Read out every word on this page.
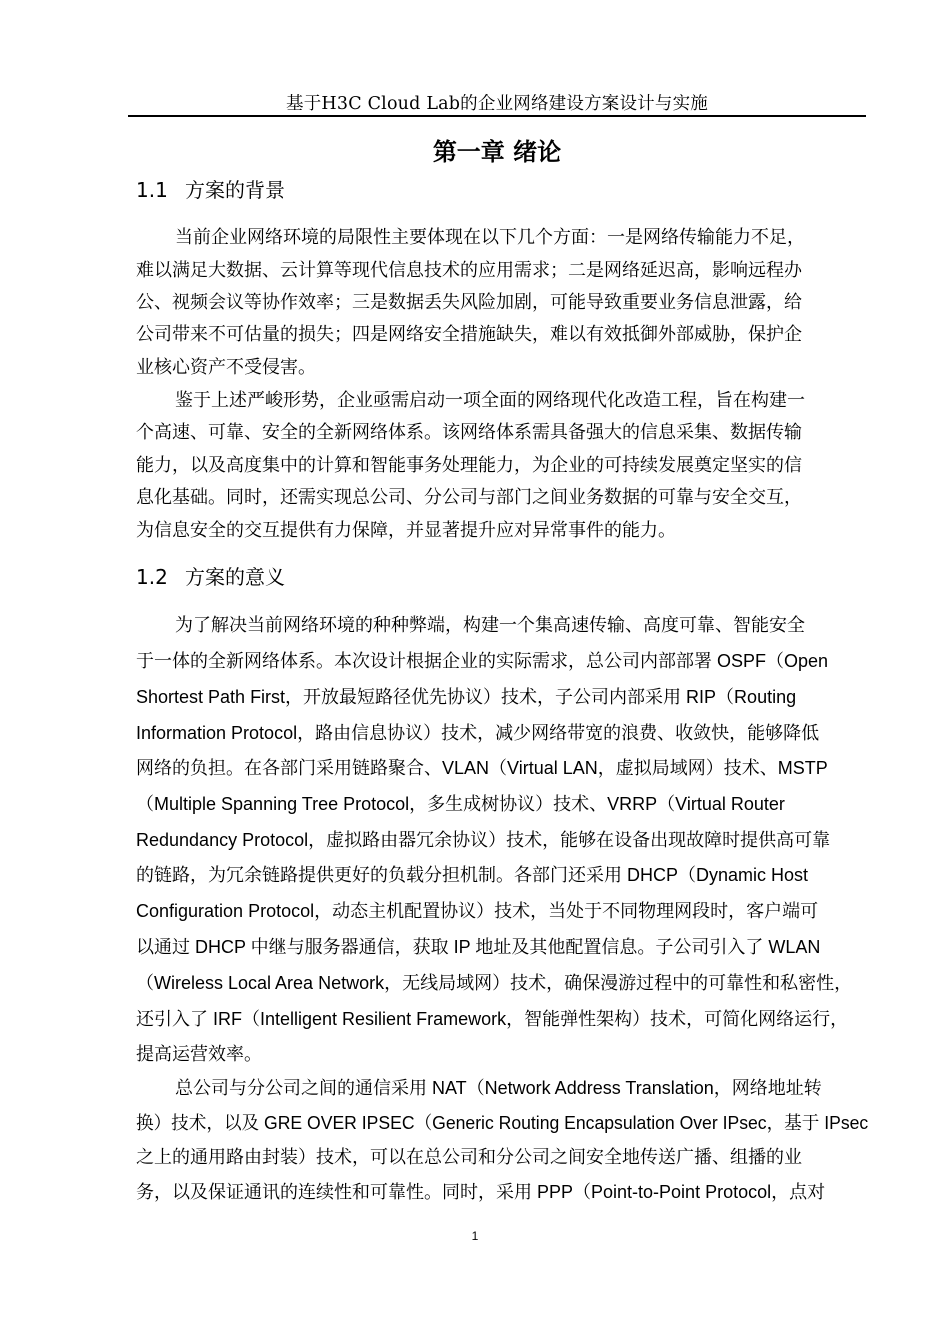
基于H3C Cloud Lab的企业网络建设方案设计与实施
第一章 绪论
1.1 方案的背景
当前企业网络环境的局限性主要体现在以下几个方面：一是网络传输能力不足，
难以满足大数据、云计算等现代信息技术的应用需求；二是网络延迟高，影响远程办
公、视频会议等协作效率；三是数据丢失风险加剧，可能导致重要业务信息泄露，给
公司带来不可估量的损失；四是网络安全措施缺失，难以有效抵御外部威胁，保护企
业核心资产不受侵害。
鉴于上述严峻形势，企业亟需启动一项全面的网络现代化改造工程，旨在构建一
个高速、可靠、安全的全新网络体系。该网络体系需具备强大的信息采集、数据传输
能力，以及高度集中的计算和智能事务处理能力，为企业的可持续发展奠定坚实的信
息化基础。同时，还需实现总公司、分公司与部门之间业务数据的可靠与安全交互，
为信息安全的交互提供有力保障，并显著提升应对异常事件的能力。
1.2 方案的意义
为了解决当前网络环境的种种弊端，构建一个集高速传输、高度可靠、智能安全
于一体的全新网络体系。本次设计根据企业的实际需求，总公司内部部署 OSPF（Open
Shortest Path First，开放最短路径优先协议）技术，子公司内部采用 RIP（Routing
Information Protocol，路由信息协议）技术，减少网络带宽的浪费、收敛快，能够降低
网络的负担。在各部门采用链路聚合、VLAN（Virtual LAN，虚拟局域网）技术、MSTP
（Multiple Spanning Tree Protocol，多生成树协议）技术、VRRP（Virtual Router
Redundancy Protocol，虚拟路由器冗余协议）技术，能够在设备出现故障时提供高可靠
的链路，为冗余链路提供更好的负载分担机制。各部门还采用 DHCP（Dynamic Host
Configuration Protocol，动态主机配置协议）技术，当处于不同物理网段时，客户端可
以通过 DHCP 中继与服务器通信，获取 IP 地址及其他配置信息。子公司引入了 WLAN
（Wireless Local Area Network，无线局域网）技术，确保漫游过程中的可靠性和私密性，
还引入了 IRF（Intelligent Resilient Framework，智能弹性架构）技术，可简化网络运行，
提高运营效率。
总公司与分公司之间的通信采用 NAT（Network Address Translation，网络地址转
换）技术，以及 GRE OVER IPSEC（Generic Routing Encapsulation Over IPsec，基于 IPsec
之上的通用路由封装）技术，可以在总公司和分公司之间安全地传送广播、组播的业
务，以及保证通讯的连续性和可靠性。同时，采用 PPP（Point-to-Point Protocol，点对
1
